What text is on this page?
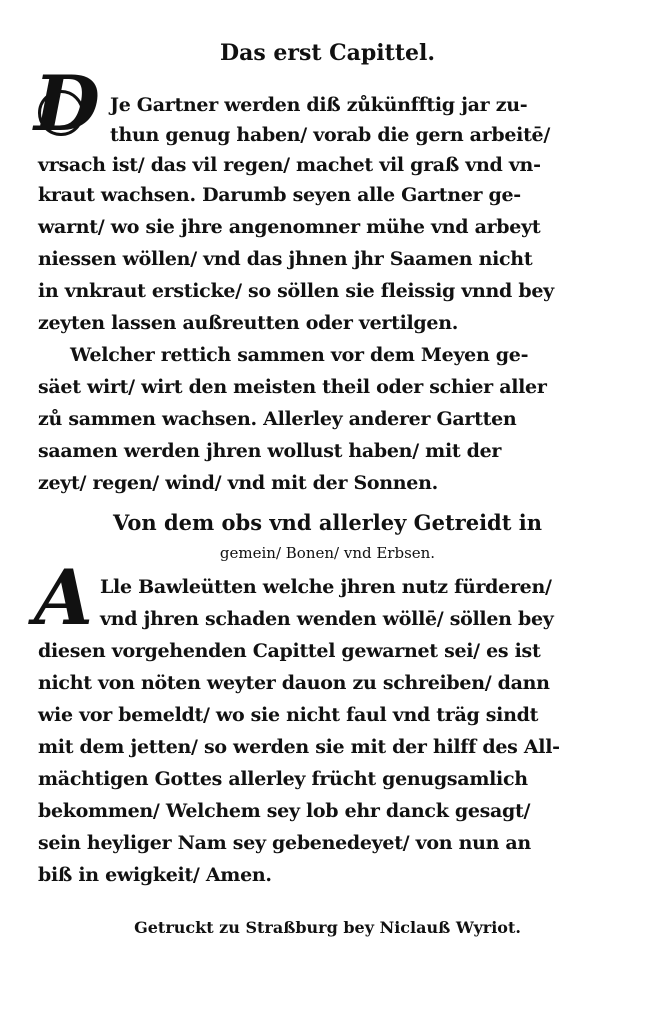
Das erst Capittel.
D Je Gartner werden diß zůkünfftig jar zu-
thun genug haben/ vorab die gern arbeitē/
vrsach ist/ das vil regen/ machet vil graß vnd vn-
kraut wachsen. Darumb seyen alle Gartner ge-
warnt/ wo sie jhre angenomner mühe vnd arbeyt
niessen wöllen/ vnd das jhnen jhr Saamen nicht
in vnkraut ersticke/ so söllen sie fleissig vnnd bey
zeyten lassen außreutten oder vertilgen.
Welcher rettich sammen vor dem Meyen ge-
säet wirt/ wirt den meisten theil oder schier aller
zů sammen wachsen. Allerley anderer Gartten
saamen werden jhren wollust haben/ mit der
zeyt/ regen/ wind/ vnd mit der Sonnen.
Von dem obs vnd allerley Getreidt in
gemein/ Bonen/ vnd Erbsen.
A Lle Bawleütten welche jhren nutz fürderen/
vnd jhren schaden wenden wöllē/ söllen bey
diesen vorgehenden Capittel gewarnet sei/ es ist
nicht von nöten weyter dauon zu schreiben/ dann
wie vor bemeldt/ wo sie nicht faul vnd träg sindt
mit dem jetten/ so werden sie mit der hilff des All-
mächtigen Gottes allerley frücht genugsamlich
bekommen/ Welchem sey lob ehr danck gesagt/
sein heyliger Nam sey gebenedeyet/ von nun an
biß in ewigkeit/ Amen.
Getruckt zu Straßburg bey Niclauß Wyriot.
